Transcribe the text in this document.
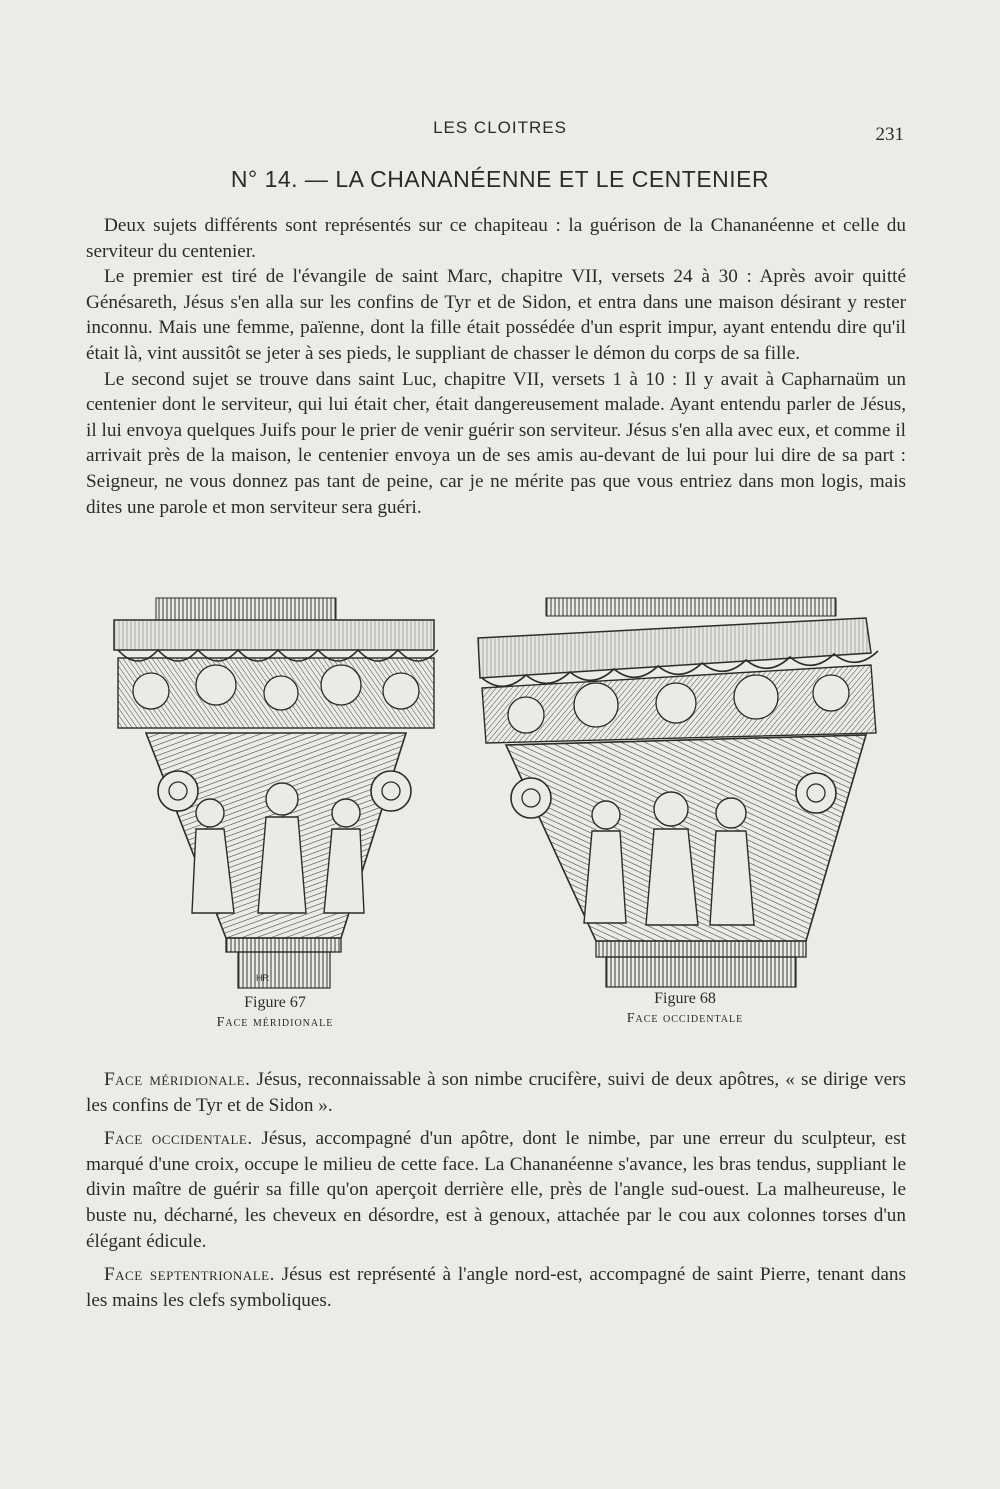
LES CLOITRES	231
N° 14. — LA CHANANÉENNE ET LE CENTENIER

Deux sujets différents sont représentés sur ce chapiteau : la guérison de la Chananéenne et celle du serviteur du centenier.

Le premier est tiré de l'évangile de saint Marc, chapitre VII, versets 24 à 30 : Après avoir quitté Génésareth, Jésus s'en alla sur les confins de Tyr et de Sidon, et entra dans une maison désirant y rester inconnu. Mais une femme, païenne, dont la fille était possédée d'un esprit impur, ayant entendu dire qu'il était là, vint aussitôt se jeter à ses pieds, le suppliant de chasser le démon du corps de sa fille.

Le second sujet se trouve dans saint Luc, chapitre VII, versets 1 à 10 : Il y avait à Capharnaüm un centenier dont le serviteur, qui lui était cher, était dangereusement malade. Ayant entendu parler de Jésus, il lui envoya quelques Juifs pour le prier de venir guérir son serviteur. Jésus s'en alla avec eux, et comme il arrivait près de la maison, le centenier envoya un de ses amis au-devant de lui pour lui dire de sa part : Seigneur, ne vous donnez pas tant de peine, car je ne mérite pas que vous entriez dans mon logis, mais dites une parole et mon serviteur sera guéri.

HR
Figure 67
Face méridionale
Figure 68
Face occidentale

Face méridionale. Jésus, reconnaissable à son nimbe crucifère, suivi de deux apôtres, « se dirige vers les confins de Tyr et de Sidon ».

Face occidentale. Jésus, accompagné d'un apôtre, dont le nimbe, par une erreur du sculpteur, est marqué d'une croix, occupe le milieu de cette face. La Chananéenne s'avance, les bras tendus, suppliant le divin maître de guérir sa fille qu'on aperçoit derrière elle, près de l'angle sud-ouest. La malheureuse, le buste nu, décharné, les cheveux en désordre, est à genoux, attachée par le cou aux colonnes torses d'un élégant édicule.

Face septentrionale. Jésus est représenté à l'angle nord-est, accompagné de saint Pierre, tenant dans les mains les clefs symboliques.
